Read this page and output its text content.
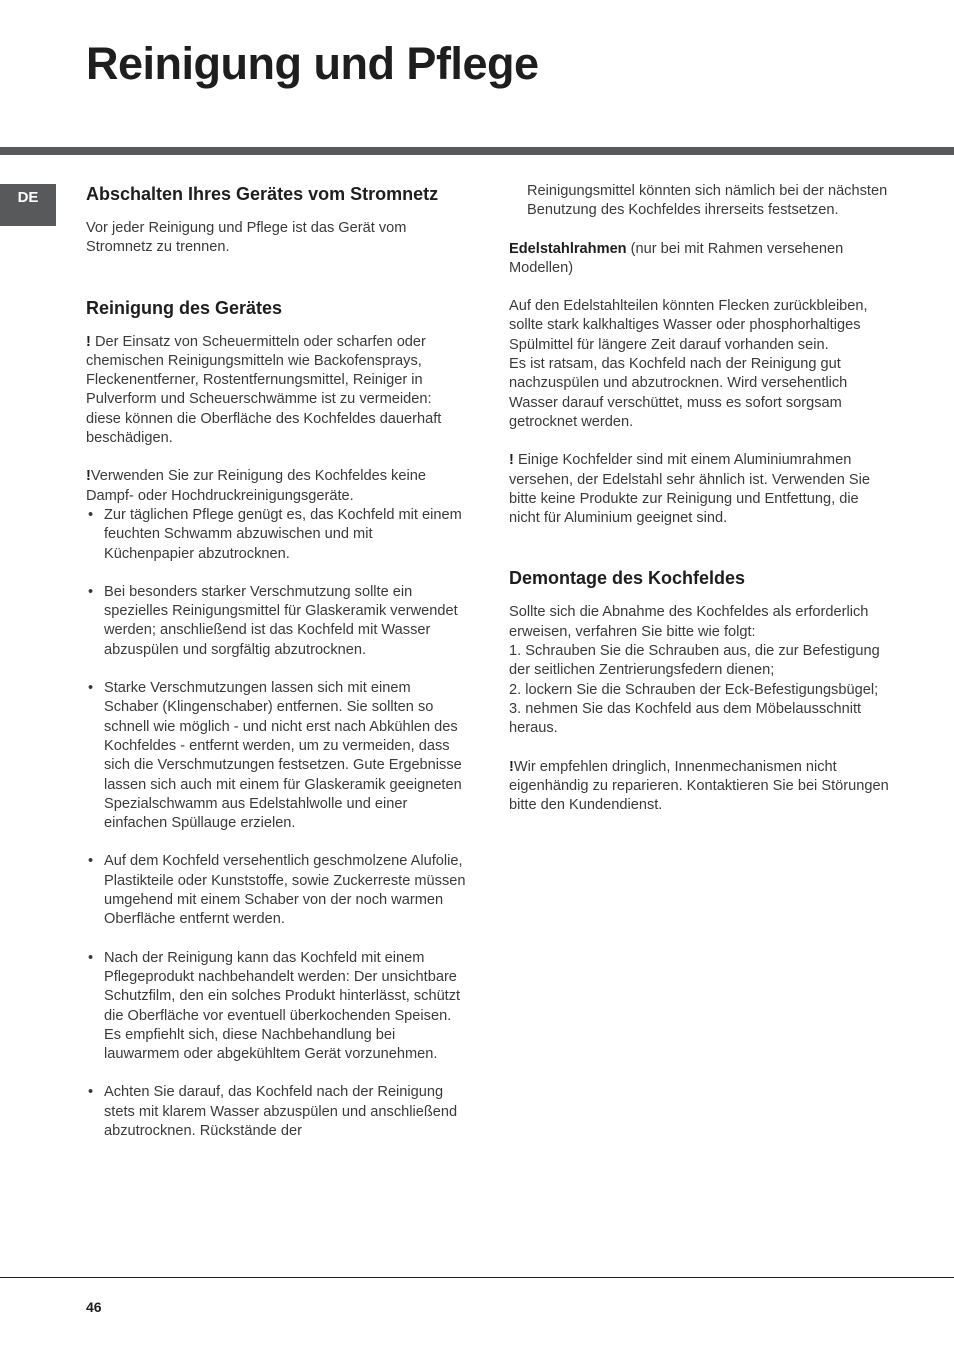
Reinigung und Pflege
DE	Abschalten Ihres Gerätes vom Stromnetz

Vor jeder Reinigung und Pflege ist das Gerät vom Stromnetz zu trennen.

Reinigung des Gerätes

! Der Einsatz von Scheuermitteln oder scharfen oder chemischen Reinigungsmitteln wie Backofensprays, Fleckenentferner, Rostentfernungsmittel, Reiniger in Pulverform und Scheuerschwämme ist zu vermeiden: diese können die Oberfläche des Kochfeldes dauerhaft beschädigen.

!Verwenden Sie zur Reinigung des Kochfeldes keine Dampf- oder Hochdruckreinigungsgeräte.

• Zur täglichen Pflege genügt es, das Kochfeld mit einem feuchten Schwamm abzuwischen und mit Küchenpapier abzutrocknen.
• Bei besonders starker Verschmutzung sollte ein spezielles Reinigungsmittel für Glaskeramik verwendet werden; anschließend ist das Kochfeld mit Wasser abzuspülen und sorgfältig abzutrocknen.
• Starke Verschmutzungen lassen sich mit einem Schaber (Klingenschaber) entfernen. Sie sollten so schnell wie möglich - und nicht erst nach Abkühlen des Kochfeldes - entfernt werden, um zu vermeiden, dass sich die Verschmutzungen festsetzen. Gute Ergebnisse lassen sich auch mit einem für Glaskeramik geeigneten Spezialschwamm aus Edelstahlwolle und einer einfachen Spüllauge erzielen.
• Auf dem Kochfeld versehentlich geschmolzene Alufolie, Plastikteile oder Kunststoffe, sowie Zuckerreste müssen umgehend mit einem Schaber von der noch warmen Oberfläche entfernt werden.
• Nach der Reinigung kann das Kochfeld mit einem Pflegeprodukt nachbehandelt werden: Der unsichtbare Schutzfilm, den ein solches Produkt hinterlässt, schützt die Oberfläche vor eventuell überkochenden Speisen. Es empfiehlt sich, diese Nachbehandlung bei lauwarmem oder abgekühltem Gerät vorzunehmen.
• Achten Sie darauf, das Kochfeld nach der Reinigung stets mit klarem Wasser abzuspülen und anschließend abzutrocknen. Rückstände der

Reinigungsmittel könnten sich nämlich bei der nächsten Benutzung des Kochfeldes ihrerseits festsetzen.

Edelstahlrahmen (nur bei mit Rahmen versehenen Modellen)

Auf den Edelstahlteilen könnten Flecken zurückbleiben, sollte stark kalkhaltiges Wasser oder phosphorhaltiges Spülmittel für längere Zeit darauf vorhanden sein.

Es ist ratsam, das Kochfeld nach der Reinigung gut nachzuspülen und abzutrocknen. Wird versehentlich Wasser darauf verschüttet, muss es sofort sorgsam getrocknet werden.

! Einige Kochfelder sind mit einem Aluminiumrahmen versehen, der Edelstahl sehr ähnlich ist. Verwenden Sie bitte keine Produkte zur Reinigung und Entfettung, die nicht für Aluminium geeignet sind.

Demontage des Kochfeldes

Sollte sich die Abnahme des Kochfeldes als erforderlich erweisen, verfahren Sie bitte wie folgt:

1. Schrauben Sie die Schrauben aus, die zur Befestigung der seitlichen Zentrierungsfedern dienen;

2. lockern Sie die Schrauben der Eck-Befestigungsbügel;

3. nehmen Sie das Kochfeld aus dem Möbelausschnitt heraus.

!Wir empfehlen dringlich, Innenmechanismen nicht eigenhändig zu reparieren. Kontaktieren Sie bei Störungen bitte den Kundendienst.

46
